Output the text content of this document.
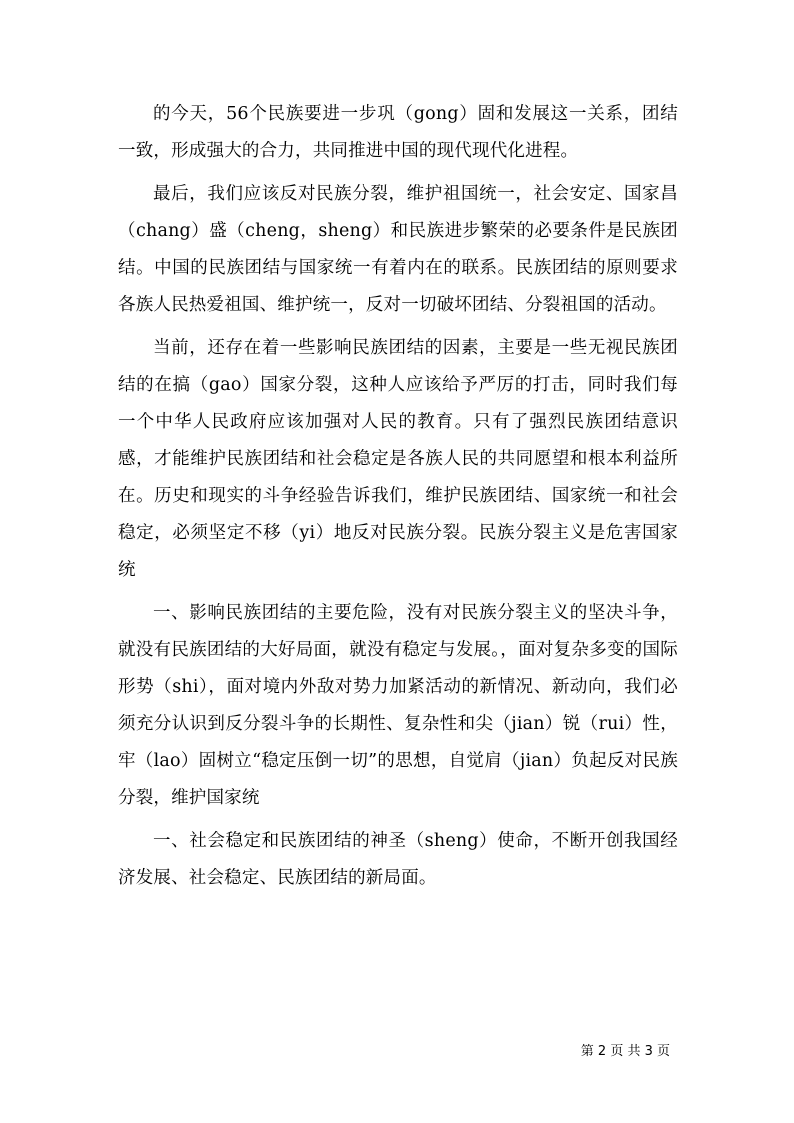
的今天，56个民族要进一步巩（gong）固和发展这一关系，团结一致，形成强大的合力，共同推进中国的现代现代化进程。

最后，我们应该反对民族分裂，维护祖国统一，社会安定、国家昌（chang）盛（cheng，sheng）和民族进步繁荣的必要条件是民族团结。中国的民族团结与国家统一有着内在的联系。民族团结的原则要求各族人民热爱祖国、维护统一，反对一切破坏团结、分裂祖国的活动。

当前，还存在着一些影响民族团结的因素，主要是一些无视民族团结的在搞（gao）国家分裂，这种人应该给予严厉的打击，同时我们每一个中华人民政府应该加强对人民的教育。只有了强烈民族团结意识感，才能维护民族团结和社会稳定是各族人民的共同愿望和根本利益所在。历史和现实的斗争经验告诉我们，维护民族团结、国家统一和社会稳定，必须坚定不移（yi）地反对民族分裂。民族分裂主义是危害国家统

一、影响民族团结的主要危险，没有对民族分裂主义的坚决斗争，就没有民族团结的大好局面，就没有稳定与发展。，面对复杂多变的国际形势（shi），面对境内外敌对势力加紧活动的新情况、新动向，我们必须充分认识到反分裂斗争的长期性、复杂性和尖（jian）锐（rui）性，牢（lao）固树立“稳定压倒一切”的思想，自觉肩（jian）负起反对民族分裂，维护国家统

一、社会稳定和民族团结的神圣（sheng）使命，不断开创我国经济发展、社会稳定、民族团结的新局面。

第 2 页 共 3 页
